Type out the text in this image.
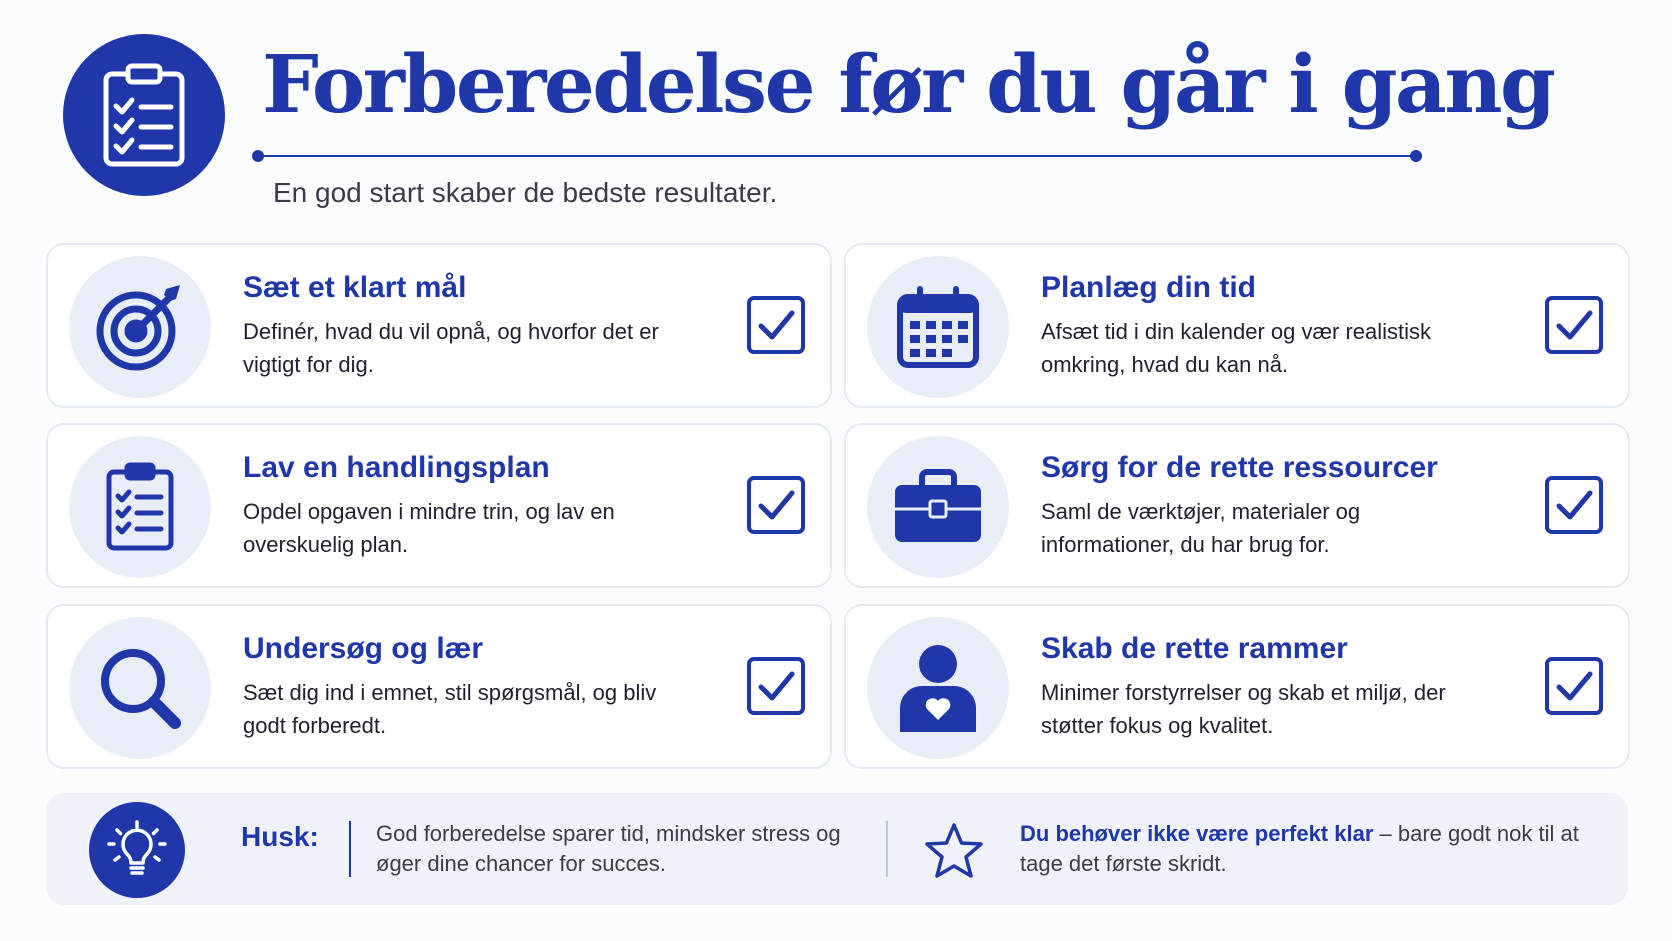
Forberedelse før du går i gang
En god start skaber de bedste resultater.
Sæt et klart mål
Definér, hvad du vil opnå, og hvorfor det er vigtigt for dig.
Planlæg din tid
Afsæt tid i din kalender og vær realistisk omkring, hvad du kan nå.
Lav en handlingsplan
Opdel opgaven i mindre trin, og lav en overskuelig plan.
Sørg for de rette ressourcer
Saml de værktøjer, materialer og informationer, du har brug for.
Undersøg og lær
Sæt dig ind i emnet, stil spørgsmål, og bliv godt forberedt.
Skab de rette rammer
Minimer forstyrrelser og skab et miljø, der støtter fokus og kvalitet.
Husk:	God forberedelse sparer tid, mindsker stress og øger dine chancer for succes.
Du behøver ikke være perfekt klar – bare godt nok til at tage det første skridt.
